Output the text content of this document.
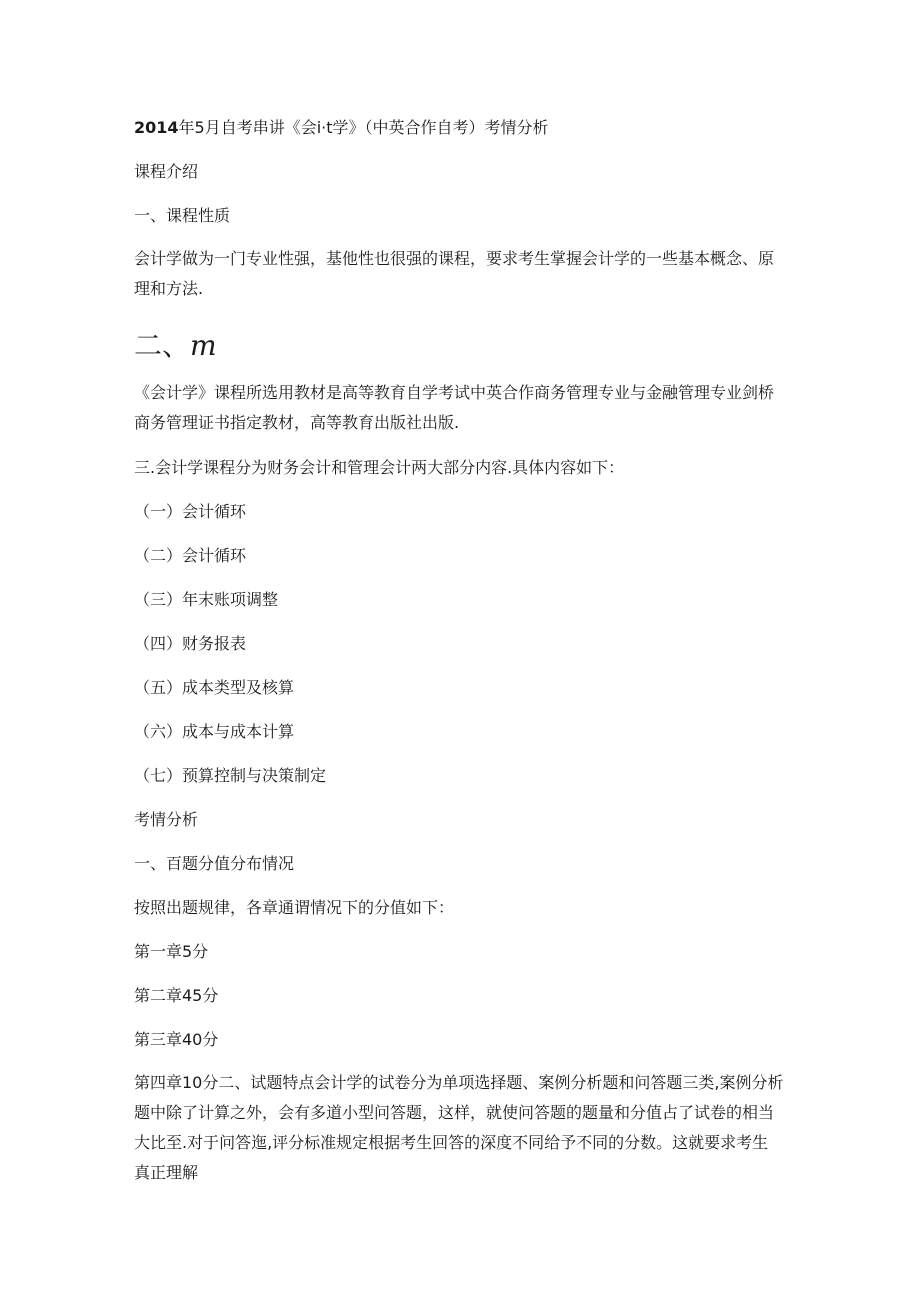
2014年5月自考串讲《会i·t学》（中英合作自考）考情分析
课程介绍
一、课程性质
会计学做为一门专业性强，基他性也很强的课程，要求考生掌握会计学的一些基本概念、原理和方法.
二、m
《会计学》课程所选用教材是高等教育自学考试中英合作商务管理专业与金融管理专业剑桥商务管理证书指定教材，高等教育出版社出版.
三.会计学课程分为财务会计和管理会计两大部分内容.具体内容如下：
（一）会计循环
（二）会计循环
（三）年末账项调整
（四）财务报表
（五）成本类型及核算
（六）成本与成本计算
（七）预算控制与决策制定
考情分析
一、百题分值分布情况
按照出题规律，各章通谓情况下的分值如下：
第一章5分
第二章45分
第三章40分
第四章10分二、试题特点会计学的试卷分为单项选择题、案例分析题和问答题三类,案例分析题中除了计算之外，会有多道小型问答题，这样，就使问答题的题量和分值占了试卷的相当大比至.对于问答迤,评分标准规定根据考生回答的深度不同给予不同的分数。这就要求考生真正理解
